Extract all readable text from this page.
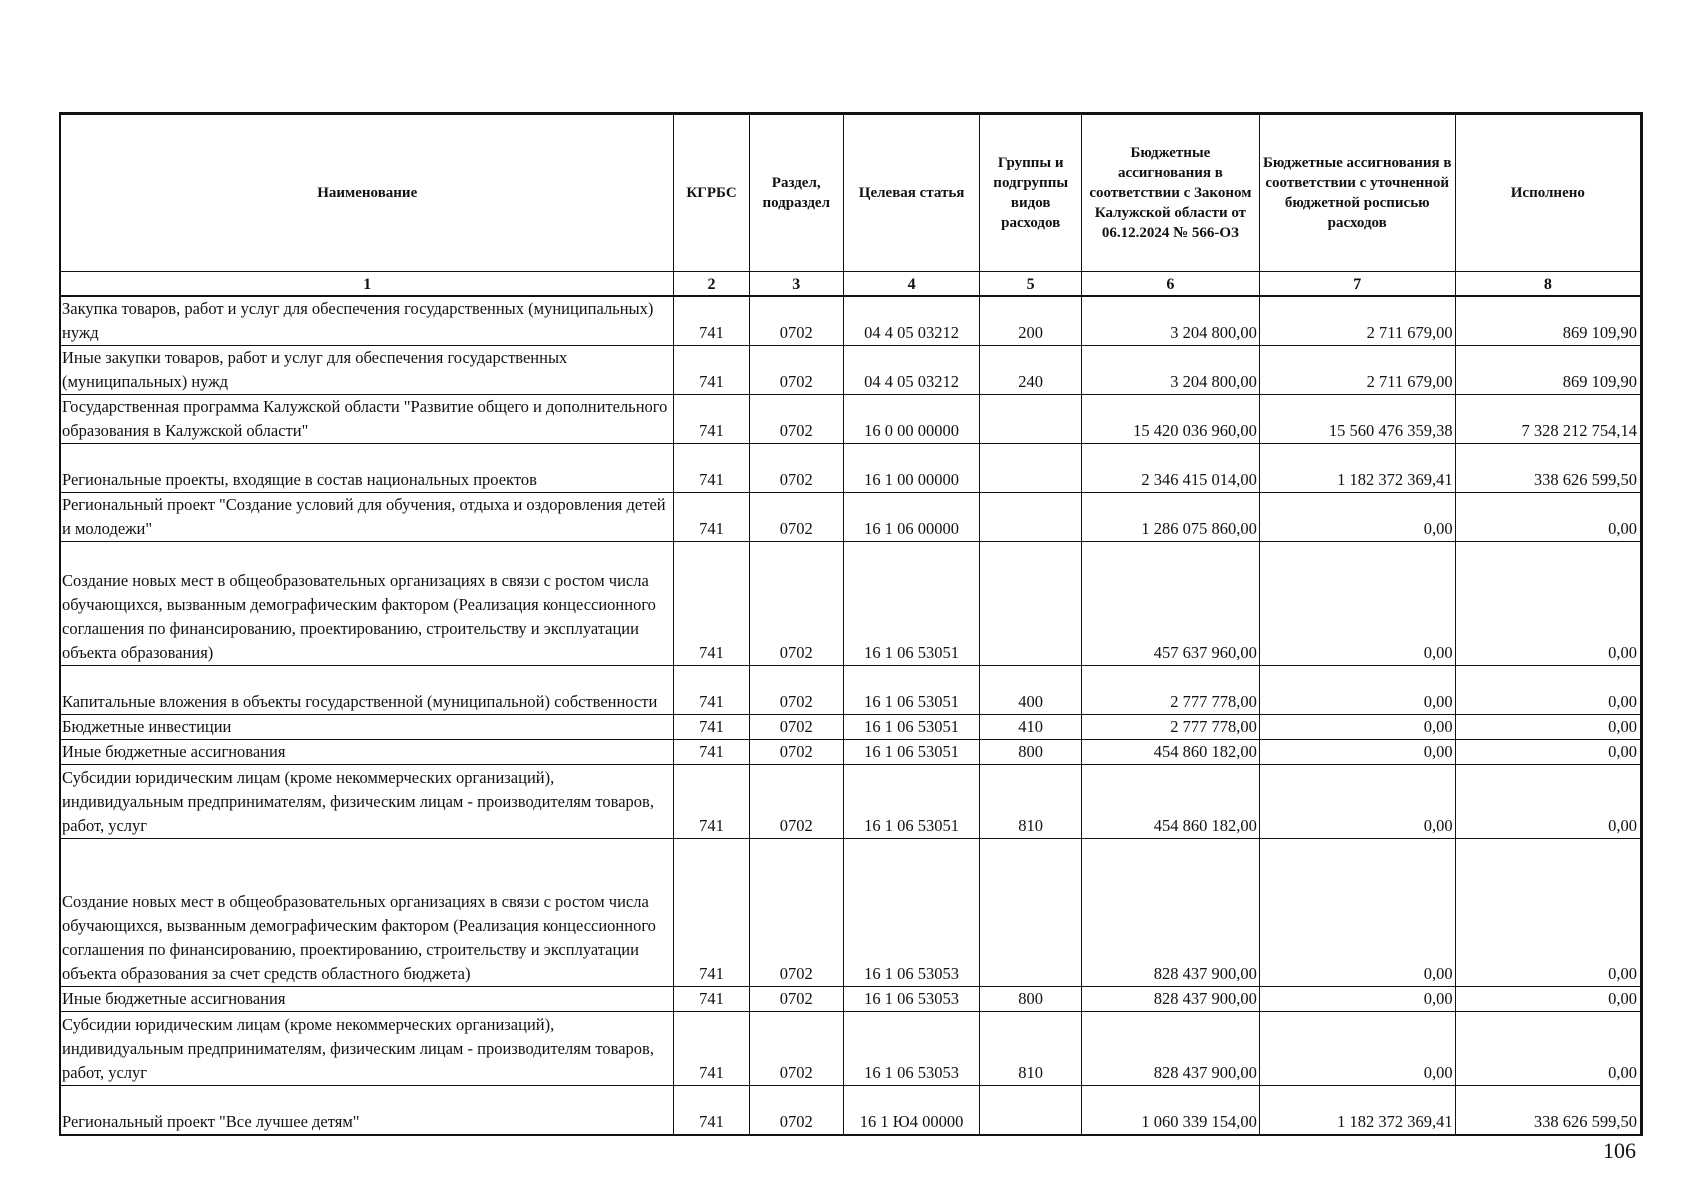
Наименование	КГРБС	Раздел, подраздел	Целевая статья	Группы и подгруппы видов расходов	Бюджетные ассигнования в соответствии с Законом Калужской области от 06.12.2024 № 566-ОЗ	Бюджетные ассигнования в соответствии с уточненной бюджетной росписью расходов	Исполнено
1	2	3	4	5	6	7	8
Закупка товаров, работ и услуг для обеспечения государственных (муниципальных) нужд	741	0702	04 4 05 03212	200	3 204 800,00	2 711 679,00	869 109,90
Иные закупки товаров, работ и услуг для обеспечения государственных (муниципальных) нужд	741	0702	04 4 05 03212	240	3 204 800,00	2 711 679,00	869 109,90
Государственная программа Калужской области "Развитие общего и дополнительного образования в Калужской области"	741	0702	16 0 00 00000		15 420 036 960,00	15 560 476 359,38	7 328 212 754,14
Региональные проекты, входящие в состав национальных проектов	741	0702	16 1 00 00000		2 346 415 014,00	1 182 372 369,41	338 626 599,50
Региональный проект "Создание условий для обучения, отдыха и оздоровления детей и молодежи"	741	0702	16 1 06 00000		1 286 075 860,00	0,00	0,00
Создание новых мест в общеобразовательных организациях в связи с ростом числа обучающихся, вызванным демографическим фактором (Реализация концессионного соглашения по финансированию, проектированию, строительству и эксплуатации объекта образования)	741	0702	16 1 06 53051		457 637 960,00	0,00	0,00
Капитальные вложения в объекты государственной (муниципальной) собственности	741	0702	16 1 06 53051	400	2 777 778,00	0,00	0,00
Бюджетные инвестиции	741	0702	16 1 06 53051	410	2 777 778,00	0,00	0,00
Иные бюджетные ассигнования	741	0702	16 1 06 53051	800	454 860 182,00	0,00	0,00
Субсидии юридическим лицам (кроме некоммерческих организаций), индивидуальным предпринимателям, физическим лицам - производителям товаров, работ, услуг	741	0702	16 1 06 53051	810	454 860 182,00	0,00	0,00
Создание новых мест в общеобразовательных организациях в связи с ростом числа обучающихся, вызванным демографическим фактором (Реализация концессионного соглашения по финансированию, проектированию, строительству и эксплуатации объекта образования за счет средств областного бюджета)	741	0702	16 1 06 53053		828 437 900,00	0,00	0,00
Иные бюджетные ассигнования	741	0702	16 1 06 53053	800	828 437 900,00	0,00	0,00
Субсидии юридическим лицам (кроме некоммерческих организаций), индивидуальным предпринимателям, физическим лицам - производителям товаров, работ, услуг	741	0702	16 1 06 53053	810	828 437 900,00	0,00	0,00
Региональный проект "Все лучшее детям"	741	0702	16 1 Ю4 00000		1 060 339 154,00	1 182 372 369,41	338 626 599,50
106
